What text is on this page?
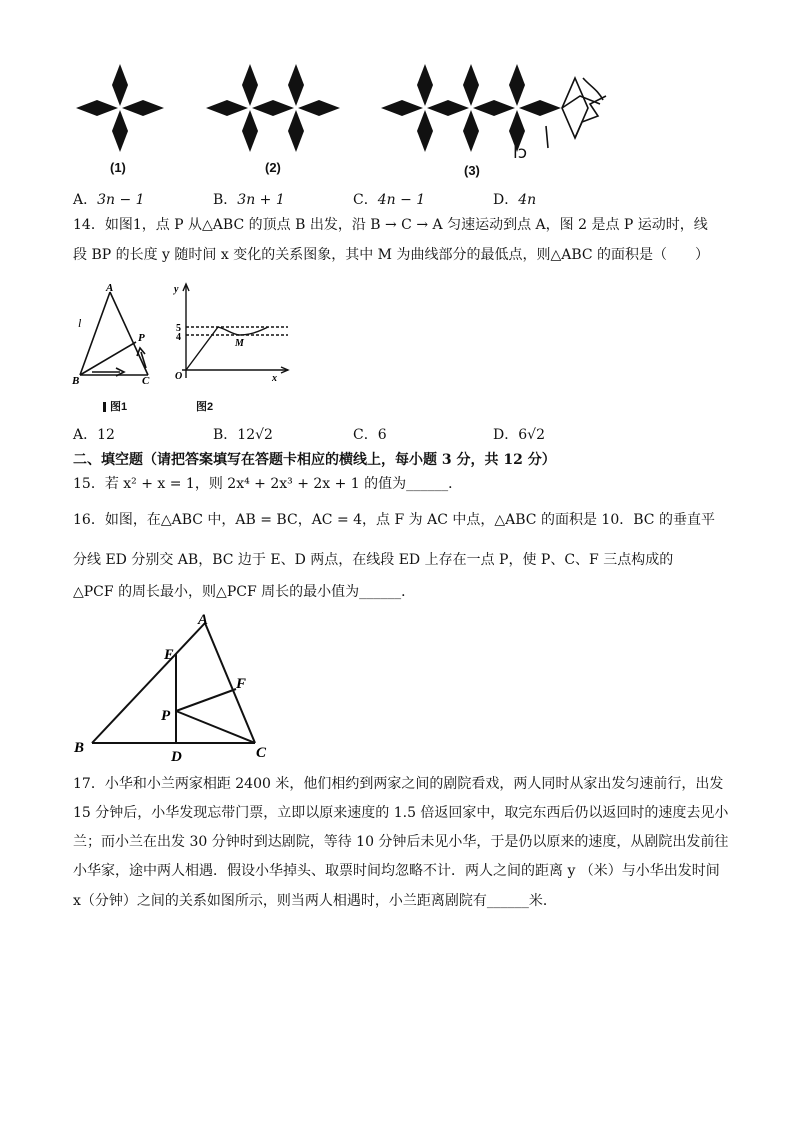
(1)	(2)	(3)
lɔ
A．3n − 1	B．3n + 1	C．4n − 1	D．4n
14．如图1，点 P 从△ABC 的顶点 B 出发，沿 B → C → A 匀速运动到点 A，图 2 是点 P 运动时，线
段 BP 的长度 y 随时间 x 变化的关系图象，其中 M 为曲线部分的最低点，则△ABC 的面积是（　　）
A
B	C
P
l
图1
y
x
O
5
4
M
图2
A．12	B．12√2	C．6	D．6√2
二、填空题（请把答案填写在答题卡相应的横线上，每小题 3 分，共 12 分）
15．若 x² + x = 1，则 2x⁴ + 2x³ + 2x + 1 的值为______．
16．如图，在△ABC 中，AB = BC，AC = 4，点 F 为 AC 中点，△ABC 的面积是 10．BC 的垂直平
分线 ED 分别交 AB，BC 边于 E、D 两点，在线段 ED 上存在一点 P，使 P、C、F 三点构成的
△PCF 的周长最小，则△PCF 周长的最小值为______．
A
B	C
D
E
F
P
17．小华和小兰两家相距 2400 米，他们相约到两家之间的剧院看戏，两人同时从家出发匀速前行，出发
15 分钟后，小华发现忘带门票，立即以原来速度的 1.5 倍返回家中，取完东西后仍以返回时的速度去见小
兰；而小兰在出发 30 分钟时到达剧院，等待 10 分钟后未见小华，于是仍以原来的速度，从剧院出发前往
小华家，途中两人相遇．假设小华掉头、取票时间均忽略不计．两人之间的距离 y （米）与小华出发时间
x（分钟）之间的关系如图所示，则当两人相遇时，小兰距离剧院有______米．
